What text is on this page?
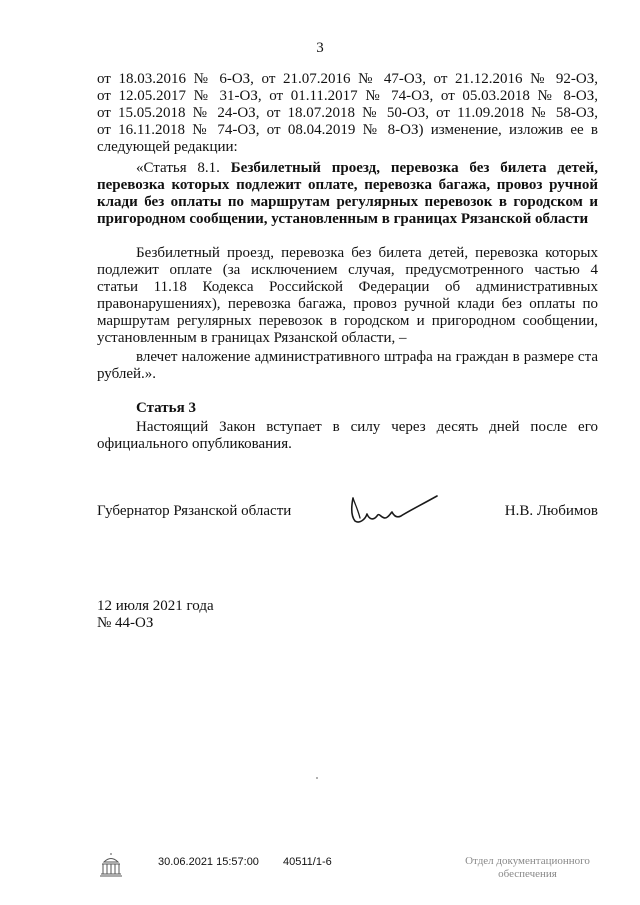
3
от 18.03.2016 № 6-ОЗ, от 21.07.2016 № 47-ОЗ, от 21.12.2016 № 92-ОЗ,
от 12.05.2017 № 31-ОЗ, от 01.11.2017 № 74-ОЗ, от 05.03.2018 № 8-ОЗ,
от 15.05.2018 № 24-ОЗ, от 18.07.2018 № 50-ОЗ, от 11.09.2018 № 58-ОЗ,
от 16.11.2018 № 74-ОЗ, от 08.04.2019 № 8-ОЗ) изменение, изложив ее в
следующей редакции:
«Статья 8.1. Безбилетный проезд, перевозка без билета детей,
перевозка которых подлежит оплате, перевозка багажа, провоз ручной
клади без оплаты по маршрутам регулярных перевозок в городском и
пригородном сообщении, установленным в границах Рязанской области
Безбилетный проезд, перевозка без билета детей, перевозка которых
подлежит оплате (за исключением случая, предусмотренного частью 4
статьи 11.18 Кодекса Российской Федерации об административных
правонарушениях), перевозка багажа, провоз ручной клади без оплаты по
маршрутам регулярных перевозок в городском и пригородном сообщении,
установленным в границах Рязанской области, –
влечет наложение административного штрафа на граждан в размере ста
рублей.».
Статья 3
Настоящий Закон вступает в силу через десять дней после его
официального опубликования.
Губернатор Рязанской области	Н.В. Любимов
12 июля 2021 года
№ 44-ОЗ
30.06.2021 15:57:00 40511/1-6	Отдел документационного
обеспечения
